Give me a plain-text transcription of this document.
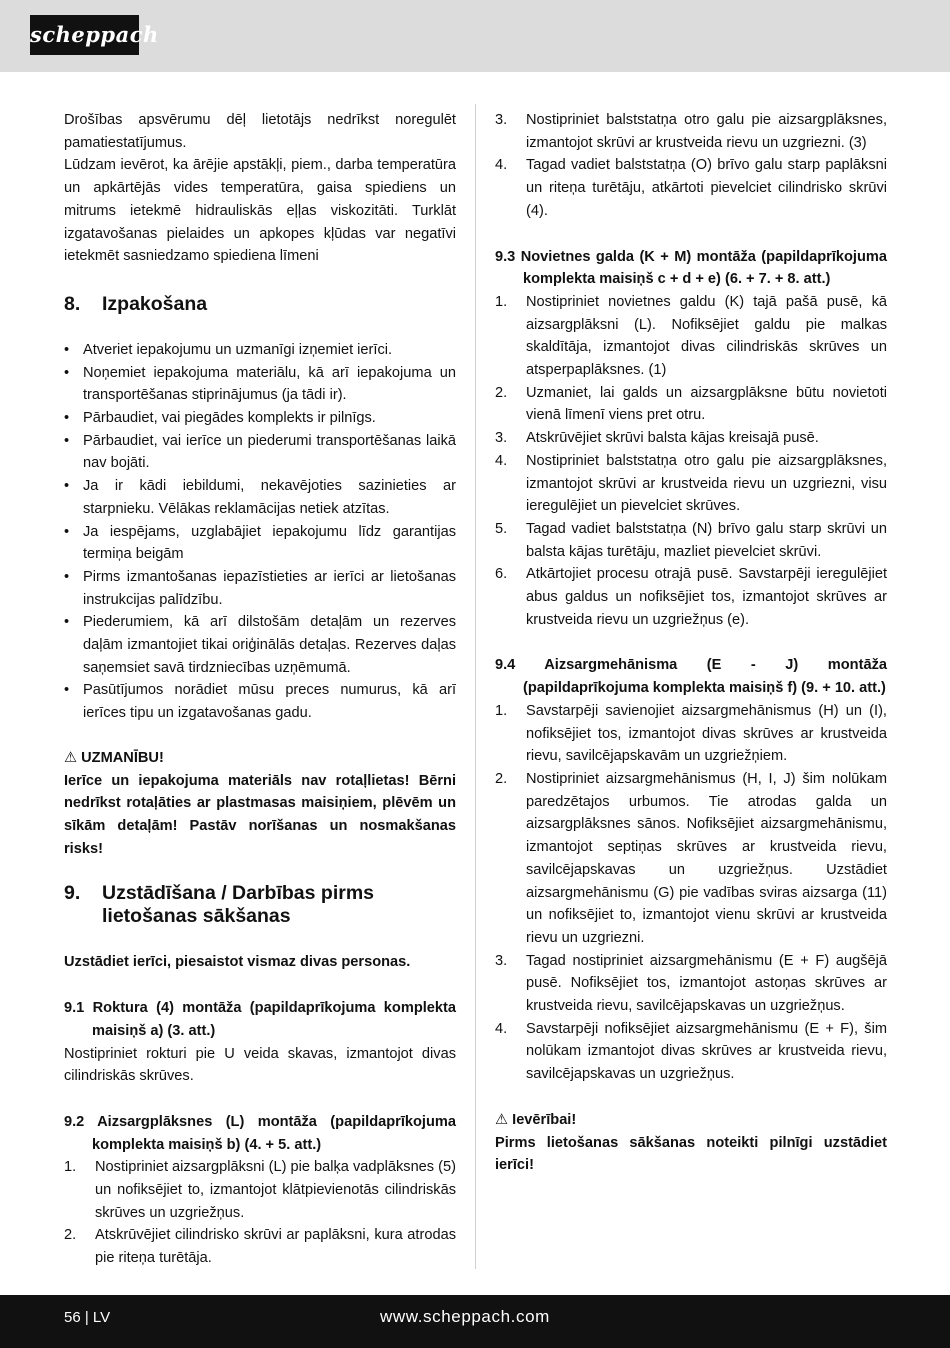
scheppach

Drošības apsvērumu dēļ lietotājs nedrīkst noregulēt pamatiestatījumus.

Lūdzam ievērot, ka ārējie apstākļi, piem., darba temperatūra un apkārtējās vides temperatūra, gaisa spiediens un mitrums ietekmē hidrauliskās eļļas viskozitāti. Turklāt izgatavošanas pielaides un apkopes kļūdas var negatīvi ietekmēt sasniedzamo spiediena līmeni

8.	Izpakošana
• Atveriet iepakojumu un uzmanīgi izņemiet ierīci.
• Noņemiet iepakojuma materiālu, kā arī iepakojuma un transportēšanas stiprinājumus (ja tādi ir).
• Pārbaudiet, vai piegādes komplekts ir pilnīgs.
• Pārbaudiet, vai ierīce un piederumi transportēšanas laikā nav bojāti.
• Ja ir kādi iebildumi, nekavējoties sazinieties ar starpnieku. Vēlākas reklamācijas netiek atzītas.
• Ja iespējams, uzglabājiet iepakojumu līdz garantijas termiņa beigām
• Pirms izmantošanas iepazīstieties ar ierīci ar lietošanas instrukcijas palīdzību.
• Piederumiem, kā arī dilstošām detaļām un rezerves daļām izmantojiet tikai oriģinālās detaļas. Rezerves daļas saņemsiet savā tirdzniecības uzņēmumā.
• Pasūtījumos norādiet mūsu preces numurus, kā arī ierīces tipu un izgatavošanas gadu.

⚠ UZMANĪBU!

Ierīce un iepakojuma materiāls nav rotaļlietas! Bērni nedrīkst rotaļāties ar plastmasas maisiņiem, plēvēm un sīkām detaļām! Pastāv norīšanas un nosmakšanas risks!

9.	Uzstādīšana / Darbības pirms
lietošanas sākšanas

Uzstādiet ierīci, piesaistot vismaz divas personas.

9.1 Roktura (4) montāža (papildaprīkojuma komplekta maisiņš a) (3. att.)

Nostipriniet rokturi pie U veida skavas, izmantojot divas cilindriskās skrūves.

9.2 Aizsargplāksnes (L) montāža (papildaprīkojuma komplekta maisiņš b) (4. + 5. att.)

1.	Nostipriniet aizsargplāksni (L) pie balķa vadplāksnes (5) un nofiksējiet to, izmantojot klātpievienotās cilindriskās skrūves un uzgriežņus.
2.	Atskrūvējiet cilindrisko skrūvi ar paplāksni, kura atrodas pie riteņa turētāja.
3.	Nostipriniet balststatņa otro galu pie aizsargplāksnes, izmantojot skrūvi ar krustveida rievu un uzgriezni. (3)
4.	Tagad vadiet balststatņa (O) brīvo galu starp paplāksni un riteņa turētāju, atkārtoti pievelciet cilindrisko skrūvi (4).

9.3 Novietnes galda (K + M) montāža (papildaprīkojuma komplekta maisiņš c + d + e) (6. + 7. + 8. att.)

1.	Nostipriniet novietnes galdu (K) tajā pašā pusē, kā aizsargplāksni (L). Nofiksējiet galdu pie malkas skaldītāja, izmantojot divas cilindriskās skrūves un atsperpaplāksnes. (1)
2.	Uzmaniet, lai galds un aizsargplāksne būtu novietoti vienā līmenī viens pret otru.
3.	Atskrūvējiet skrūvi balsta kājas kreisajā pusē.
4.	Nostipriniet balststatņa otro galu pie aizsargplāksnes, izmantojot skrūvi ar krustveida rievu un uzgriezni, visu ieregulējiet un pievelciet skrūves.
5.	Tagad vadiet balststatņa (N) brīvo galu starp skrūvi un balsta kājas turētāju, mazliet pievelciet skrūvi.
6.	Atkārtojiet procesu otrajā pusē. Savstarpēji ieregulējiet abus galdus un nofiksējiet tos, izmantojot skrūves ar krustveida rievu un uzgriežņus (e).

9.4 Aizsargmehānisma (E - J) montāža (papildaprīkojuma komplekta maisiņš f) (9. + 10. att.)

1.	Savstarpēji savienojiet aizsargmehānismus (H) un (I), nofiksējiet tos, izmantojot divas skrūves ar krustveida rievu, savilcējapskavām un uzgriežņiem.
2.	Nostipriniet aizsargmehānismus (H, I, J) šim nolūkam paredzētajos urbumos. Tie atrodas galda un aizsargplāksnes sānos. Nofiksējiet aizsargmehānismu, izmantojot septiņas skrūves ar krustveida rievu, savilcējapskavas un uzgriežņus. Uzstādiet aizsargmehānismu (G) pie vadības sviras aizsarga (11) un nofiksējiet to, izmantojot vienu skrūvi ar krustveida rievu un uzgriezni.
3.	Tagad nostipriniet aizsargmehānismu (E + F) augšējā pusē. Nofiksējiet tos, izmantojot astoņas skrūves ar krustveida rievu, savilcējapskavas un uzgriežņus.
4.	Savstarpēji nofiksējiet aizsargmehānismu (E + F), šim nolūkam izmantojot divas skrūves ar krustveida rievu, savilcējapskavas un uzgriežņus.

⚠ Ievērībai!

Pirms lietošanas sākšanas noteikti pilnīgi uzstādiet ierīci!

56 | LV	www.scheppach.com
